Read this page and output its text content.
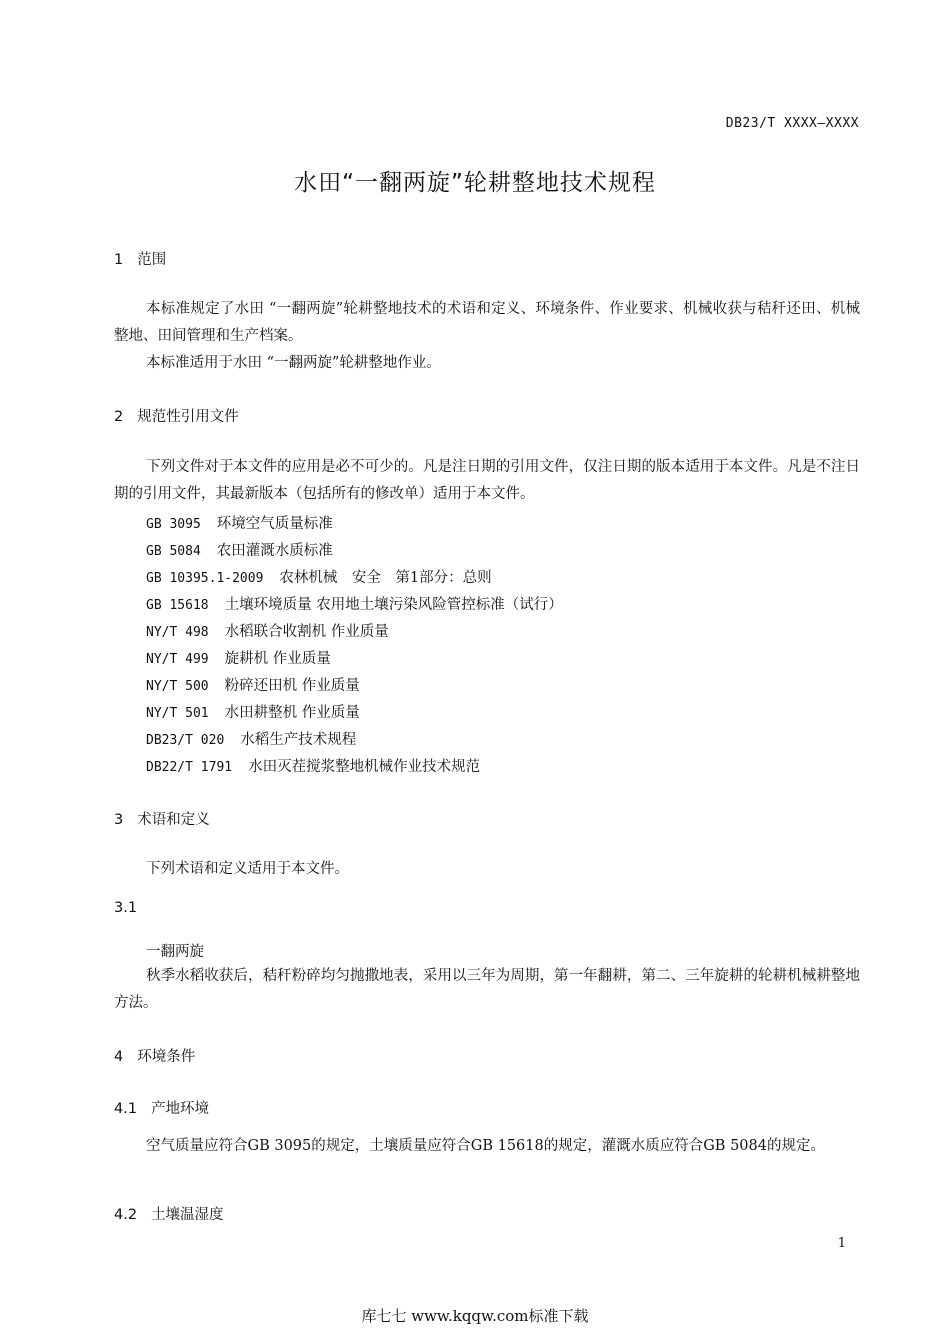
DB23/T XXXX—XXXX
水田“一翻两旋”轮耕整地技术规程
1 范围
本标准规定了水田 “一翻两旋”轮耕整地技术的术语和定义、环境条件、作业要求、机械收获与秸秆还田、机械整地、田间管理和生产档案。
本标准适用于水田 “一翻两旋”轮耕整地作业。
2 规范性引用文件
下列文件对于本文件的应用是必不可少的。凡是注日期的引用文件，仅注日期的版本适用于本文件。凡是不注日期的引用文件，其最新版本（包括所有的修改单）适用于本文件。
GB 3095 环境空气质量标准
GB 5084 农田灌溉水质标准
GB 10395.1-2009 农林机械　安全　第1部分：总则
GB 15618 土壤环境质量 农用地土壤污染风险管控标准（试行）
NY/T 498 水稻联合收割机 作业质量
NY/T 499 旋耕机 作业质量
NY/T 500 粉碎还田机 作业质量
NY/T 501 水田耕整机 作业质量
DB23/T 020 水稻生产技术规程
DB22/T 1791 水田灭茬搅浆整地机械作业技术规范
3 术语和定义
下列术语和定义适用于本文件。
3.1
一翻两旋
秋季水稻收获后，秸秆粉碎均匀抛撒地表，采用以三年为周期，第一年翻耕，第二、三年旋耕的轮耕机械耕整地方法。
4 环境条件
4.1 产地环境
空气质量应符合GB 3095的规定，土壤质量应符合GB 15618的规定，灌溉水质应符合GB 5084的规定。
4.2 土壤温湿度
1
库七七 www.kqqw.com标准下载
